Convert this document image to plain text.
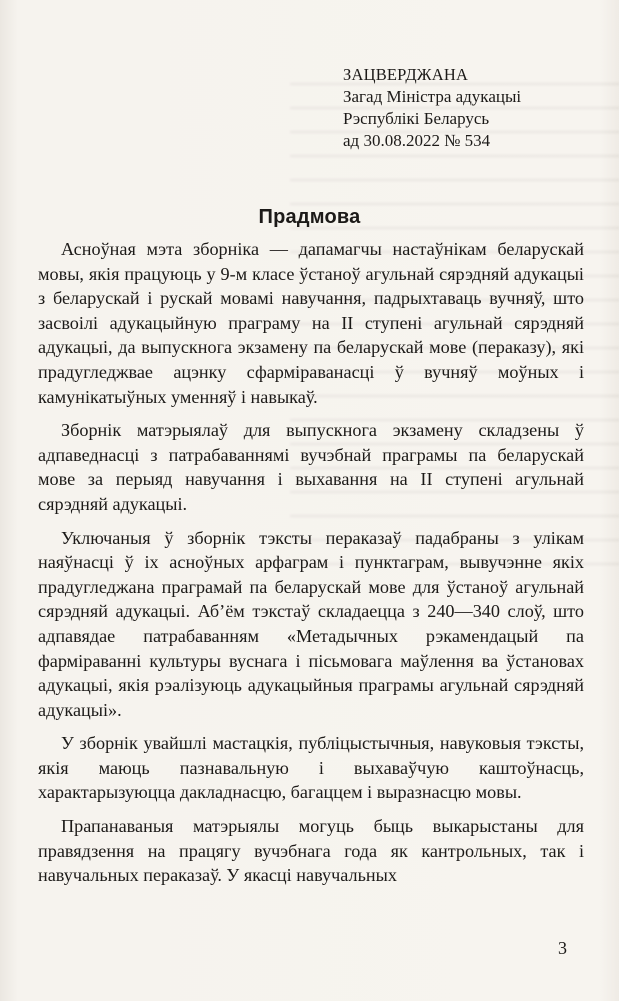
ЗАЦВЕРДЖАНА
Загад Міністра адукацыі
Рэспублікі Беларусь
ад 30.08.2022 № 534
Прадмова

Асноўная мэта зборніка — дапамагчы настаўнікам беларускай мовы, якія працуюць у 9-м класе ўстаноў агульнай сярэдняй адукацыі з беларускай і рускай мовамі навучання, падрыхтаваць вучняў, што засвоілі адукацыйную праграму на II ступені агульнай сярэдняй адукацыі, да выпускнога экзамену па беларускай мове (пераказу), які прадугледжвае ацэнку сфарміраванасці ў вучняў моўных і камунікатыўных уменняў і навыкаў.

Зборнік матэрыялаў для выпускнога экзамену складзены ў адпаведнасці з патрабаваннямі вучэбнай праграмы па беларускай мове за перыяд навучання і выхавання на II ступені агульнай сярэдняй адукацыі.

Уключаныя ў зборнік тэксты пераказаў падабраны з улікам наяўнасці ў іх асноўных арфаграм і пунктаграм, вывучэнне якіх прадугледжана праграмай па беларускай мове для ўстаноў агульнай сярэдняй адукацыі. Аб’ём тэкстаў складаецца з 240—340 слоў, што адпавядае патрабаванням «Метадычных рэкамендацый па фарміраванні культуры вуснага і пісьмовага маўлення ва ўстановах адукацыі, якія рэалізуюць адукацыйныя праграмы агульнай сярэдняй адукацыі».

У зборнік увайшлі мастацкія, публіцыстычныя, навуковыя тэксты, якія маюць пазнавальную і выхаваўчую каштоўнасць, характарызуюцца дакладнасцю, багаццем і выразнасцю мовы.

Прапанаваныя матэрыялы могуць быць выкарыстаны для правядзення на працягу вучэбнага года як кантрольных, так і навучальных пераказаў. У якасці навучальных

3
